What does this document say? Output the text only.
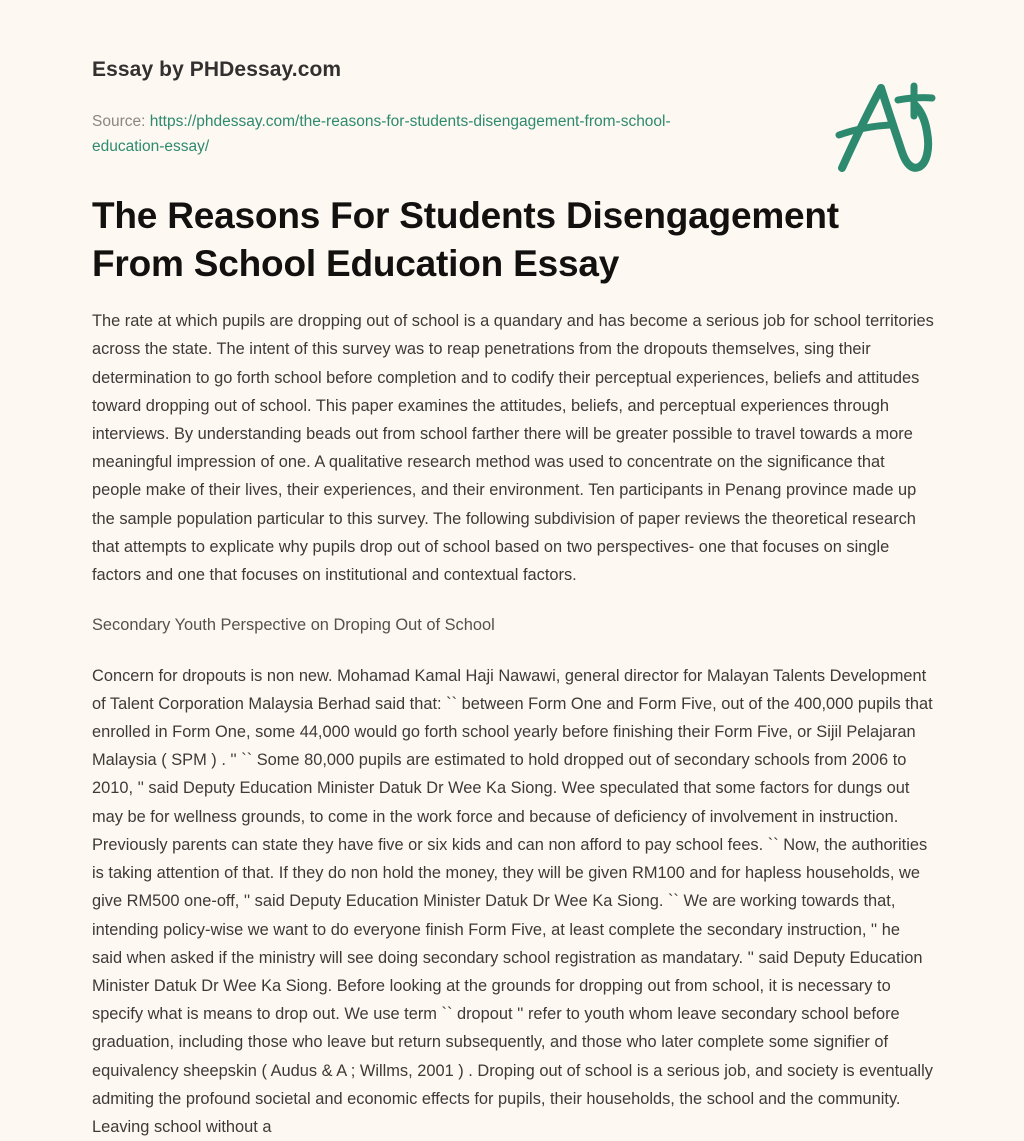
Essay by PHDessay.com
Source: https://phdessay.com/the-reasons-for-students-disengagement-from-school-education-essay/
The Reasons For Students Disengagement From School Education Essay

The rate at which pupils are dropping out of school is a quandary and has become a serious job for school territories across the state. The intent of this survey was to reap penetrations from the dropouts themselves, sing their determination to go forth school before completion and to codify their perceptual experiences, beliefs and attitudes toward dropping out of school. This paper examines the attitudes, beliefs, and perceptual experiences through interviews. By understanding beads out from school farther there will be greater possible to travel towards a more meaningful impression of one. A qualitative research method was used to concentrate on the significance that people make of their lives, their experiences, and their environment. Ten participants in Penang province made up the sample population particular to this survey. The following subdivision of paper reviews the theoretical research that attempts to explicate why pupils drop out of school based on two perspectives- one that focuses on single factors and one that focuses on institutional and contextual factors.

Secondary Youth Perspective on Droping Out of School

Concern for dropouts is non new. Mohamad Kamal Haji Nawawi, general director for Malayan Talents Development of Talent Corporation Malaysia Berhad said that: `` between Form One and Form Five, out of the 400,000 pupils that enrolled in Form One, some 44,000 would go forth school yearly before finishing their Form Five, or Sijil Pelajaran Malaysia ( SPM ) . '' `` Some 80,000 pupils are estimated to hold dropped out of secondary schools from 2006 to 2010, '' said Deputy Education Minister Datuk Dr Wee Ka Siong. Wee speculated that some factors for dungs out may be for wellness grounds, to come in the work force and because of deficiency of involvement in instruction. Previously parents can state they have five or six kids and can non afford to pay school fees. `` Now, the authorities is taking attention of that. If they do non hold the money, they will be given RM100 and for hapless households, we give RM500 one-off, '' said Deputy Education Minister Datuk Dr Wee Ka Siong. `` We are working towards that, intending policy-wise we want to do everyone finish Form Five, at least complete the secondary instruction, '' he said when asked if the ministry will see doing secondary school registration as mandatary. '' said Deputy Education Minister Datuk Dr Wee Ka Siong. Before looking at the grounds for dropping out from school, it is necessary to specify what is means to drop out. We use term `` dropout '' refer to youth whom leave secondary school before graduation, including those who leave but return subsequently, and those who later complete some signifier of equivalency sheepskin ( Audus & A ; Willms, 2001 ) . Droping out of school is a serious job, and society is eventually admiting the profound societal and economic effects for pupils, their households, the school and the community. Leaving school without a
